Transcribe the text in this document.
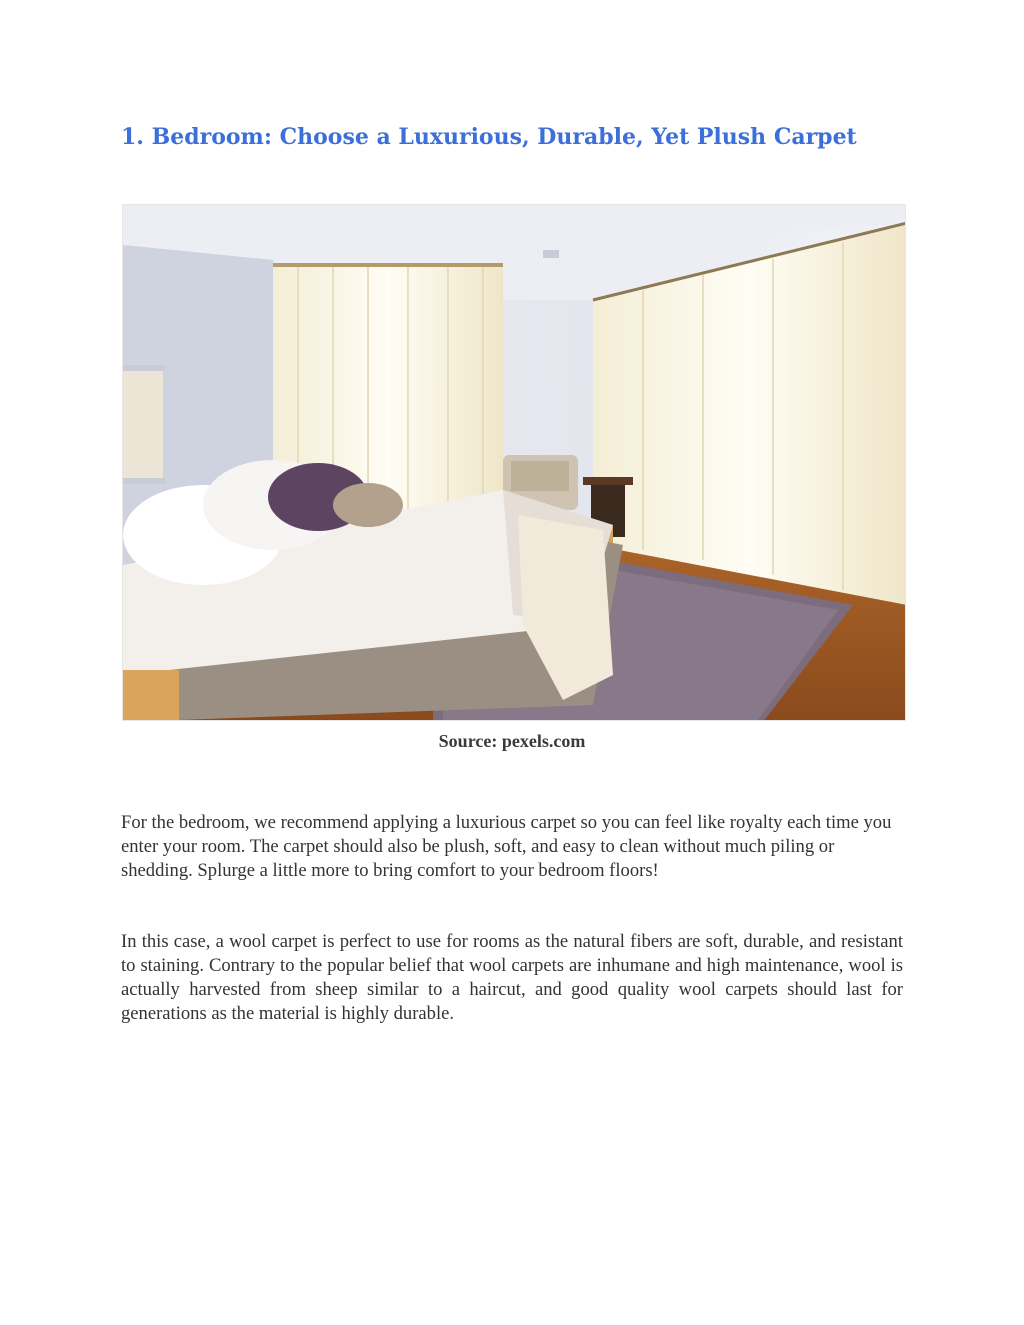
1. Bedroom: Choose a Luxurious, Durable, Yet Plush Carpet
Source: pexels.com

For the bedroom, we recommend applying a luxurious carpet so you can feel like royalty each time you enter your room. The carpet should also be plush, soft, and easy to clean without much piling or shedding. Splurge a little more to bring comfort to your bedroom floors!

In this case, a wool carpet is perfect to use for rooms as the natural fibers are soft, durable, and resistant to staining. Contrary to the popular belief that wool carpets are inhumane and high maintenance, wool is actually harvested from sheep similar to a haircut, and good quality wool carpets should last for generations as the material is highly durable.
